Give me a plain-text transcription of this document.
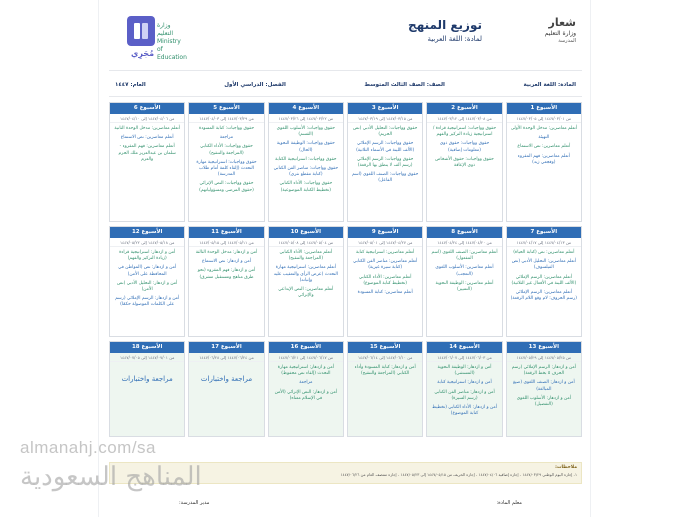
شعار
وزارة التعليم
المدرسة
توزيع المنهج
لمادة: اللغة العربية
وزارة التعليم
Ministry of Education
مُجَرِي
المادة: اللغة العربية
الصف: الصف الثالث المتوسط
الفصل: الدراسي الأول
العام: ١٤٤٧
الأسبوع 1
من ١٤٤٧/٠٣/٠١ إلى ١٤٤٧/٠٣/٠٥
أتعلم معاصرين: مدخل الوحدة الأولى
التهيئة
أتعلم معاصرين: نص الاستماع
أتعلم معاصرين: فهم المقروء (وفجعي زيد)
الأسبوع 2
من ١٤٤٧/٠٣/٠٨ إلى ١٤٤٧/٠٣/١٢
حقوق وواجبات: استراتيجية قراءة / استراتيجية زيادة التركيز والفهم
حقوق وواجبات: حقوق ذوي (معلومات إضافية)
حقوق وواجبات: حقوق الأشخاص ذوي الإعاقة
الأسبوع 3
من ١٤٤٧/٠٣/١٥ إلى ١٤٤٧/٠٣/١٩
حقوق وواجبات: التحليل الأدبي (نص الحريم)
حقوق وواجبات: الرسم الإملائي (الألف اللينة في الأسماء الثلاثية)
حقوق وواجبات: الرسم الإملائي (رسم ألف لا ينطق بها الرقعة)
حقوق وواجبات: الصنف اللغوي (اسم الفاعل)
الأسبوع 4
من ١٤٤٧/٠٣/٢٢ إلى ١٤٤٧/٠٣/٢٦
حقوق وواجبات: الأسلوب اللغوي (القسم)
حقوق وواجبات: الوظيفة النحوية (الحال)
حقوق وواجبات: استراتيجية الكتابة
حقوق وواجبات: مناصر الفن الكتابي (كتابة مقطع نثري)
حقوق وواجبات: الأداء الكتابي (تخطيط الكتابة الموضوعية)
الأسبوع 5
من ١٤٤٧/٠٣/٢٩ إلى ١٤٤٧/٠٤/٠٣
حقوق وواجبات: كتابة المسودة
مراجعة
حقوق وواجبات: الأداء الكتابي (المراجعة والتنقيح)
حقوق وواجبات: استراتيجية مهارة التحدث (إلقاء كلمة أمام طلاب المدرسة)
حقوق وواجبات: النص الإثرائي (حقوق المرضى ومسؤولياتهم)
الأسبوع 6
من ١٤٤٧/٠٤/٠٦ إلى ١٤٤٧/٠٤/١٠
أتعلم معاصرين: مدخل الوحدة الثانية
أتعلم معاصرين: نص الاستماع
أتعلم معاصرين: فهم المقروء - سلمان بن عبدالعزيز ملك الحزم والعزم
الأسبوع 7
من ١٤٤٧/٠٤/١٣ إلى ١٤٤٧/٠٤/١٧
أتعلم معاصرين: نص (كتابة الحياة)
أتعلم معاصرين: التحليل الأدبي (نص الفيلسوف)
أتعلم معاصرين: الرسم الإملائي (الألف اللينة في الأفعال غير الثلاثية)
أتعلم معاصرين: الرسم الإملائي (رسم الحروف: لام وقع اللام الرقعة)
الأسبوع 8
من ١٤٤٧/٠٤/٢٠ إلى ١٤٤٧/٠٤/٢٤
أتعلم معاصرين: الصنف اللغوي (اسم المفعول)
أتعلم معاصرين: الأسلوب اللغوي (التعجب)
أتعلم معاصرين: الوظيفة النحوية (التمييز)
الأسبوع 9
من ١٤٤٧/٠٤/٢٧ إلى ١٤٤٧/٠٥/٠١
أتعلم معاصرين: استراتيجية كتابة
أتعلم معاصرين: مناصر الفن الكتابي (كتابة سيرة غيرية)
أتعلم معاصرين: الأداء الكتابي (تخطيط كتابة الموضوع)
أتعلم معاصرين: كتابة المسودة
الأسبوع 10
من ١٤٤٧/٠٥/٠٤ إلى ١٤٤٧/٠٥/٠٨
أتعلم معاصرين: الأداء الكتابي (المراجعة والتنقيح)
أتعلم معاصرين: استراتيجية مهارة التحدث (عرض الرأي والتعقيب عليه وإثباته)
أتعلم معاصرين: النص الإبداعي والإثرائي
الأسبوع 11
من ١٤٤٧/٠٥/١١ إلى ١٤٤٧/٠٥/١٥
أمن و ازدهار: مدخل الوحدة الثالثة
أمن و ازدهار: نص الاستماع
أمن و ازدهار: فهم المقروء (نحو طرق مناهج ومستقبل مشرق)
الأسبوع 12
من ١٤٤٧/٠٥/١٨ إلى ١٤٤٧/٠٥/٢٢
أمن و ازدهار: استراتيجية قراءة (زيادة التركيز والفهم)
أمن و ازدهار: نص (المواطن في المحافظة على الأمن)
أمن و ازدهار: التحليل الأدبي (نص الأمن)
أمن و ازدهار: الرسم الإملائي (رسم على الكلمات الموصولة حكمًا)
الأسبوع 13
من ١٤٤٧/٠٥/٢٥ إلى ١٤٤٧/٠٥/٢٩
أمن و ازدهار: الرسم الإملائي (رسم الحرف ٥ بخط الرقعة)
أمن و ازدهار: الصنف اللغوي (صيغ المبالغة)
أمن و ازدهار: الأسلوب اللغوي (التفضيل)
الأسبوع 14
من ١٤٤٧/٠٦/٠٣ إلى ١٤٤٧/٠٦/٠٧
أمن و ازدهار: الوظيفة النحوية (المستثنى)
أمن و ازدهار: استراتيجية كتابة
أمن و ازدهار: مناصر الفن الكتابي (رسم السيرة)
أمن و ازدهار: الأداء الكتابي (تخطيط كتابة الموضوع)
الأسبوع 15
من ١٤٤٧/٠٦/١٠ إلى ١٤٤٧/٠٦/١٤
أمن و ازدهار: كتابة المسودة وأداء الكتابي (المراجعة والتنقيح)
الأسبوع 16
من ١٤٤٧/٠٦/١٧ إلى ١٤٤٧/٠٦/٢١
أمن و ازدهار: استراتيجية مهارة التحدث (إلقاء نص محفوظ)
مراجعة
أمن و ازدهار: النص الإثرائي (الأمن في الإسلام معناه)
الأسبوع 17
من ١٤٤٧/٠٦/٢٤ إلى ١٤٤٧/٠٦/٢٨
مراجعة واختبارات
الأسبوع 18
من ١٤٤٧/٠٧/٠١ إلى ١٤٤٧/٠٧/٠٥
مراجعة واختبارات
ملاحظات:
١- إجازة اليوم الوطني ١٤٤٧/٠٣/٢٩ - إجازة إضافية ١٤٤٧/٠٤/٠٦ - إجازة الخريف من ١٤٤٧/٠٥/١٥ إلى ١٤٤٧/٠٥/٢٣ - إجازة منتصف العام من ١٤٤٧/٠٦/٢٦
معلم المادة:
مدير المدرسة:
almanahj.com/sa
المناهج السعودية
